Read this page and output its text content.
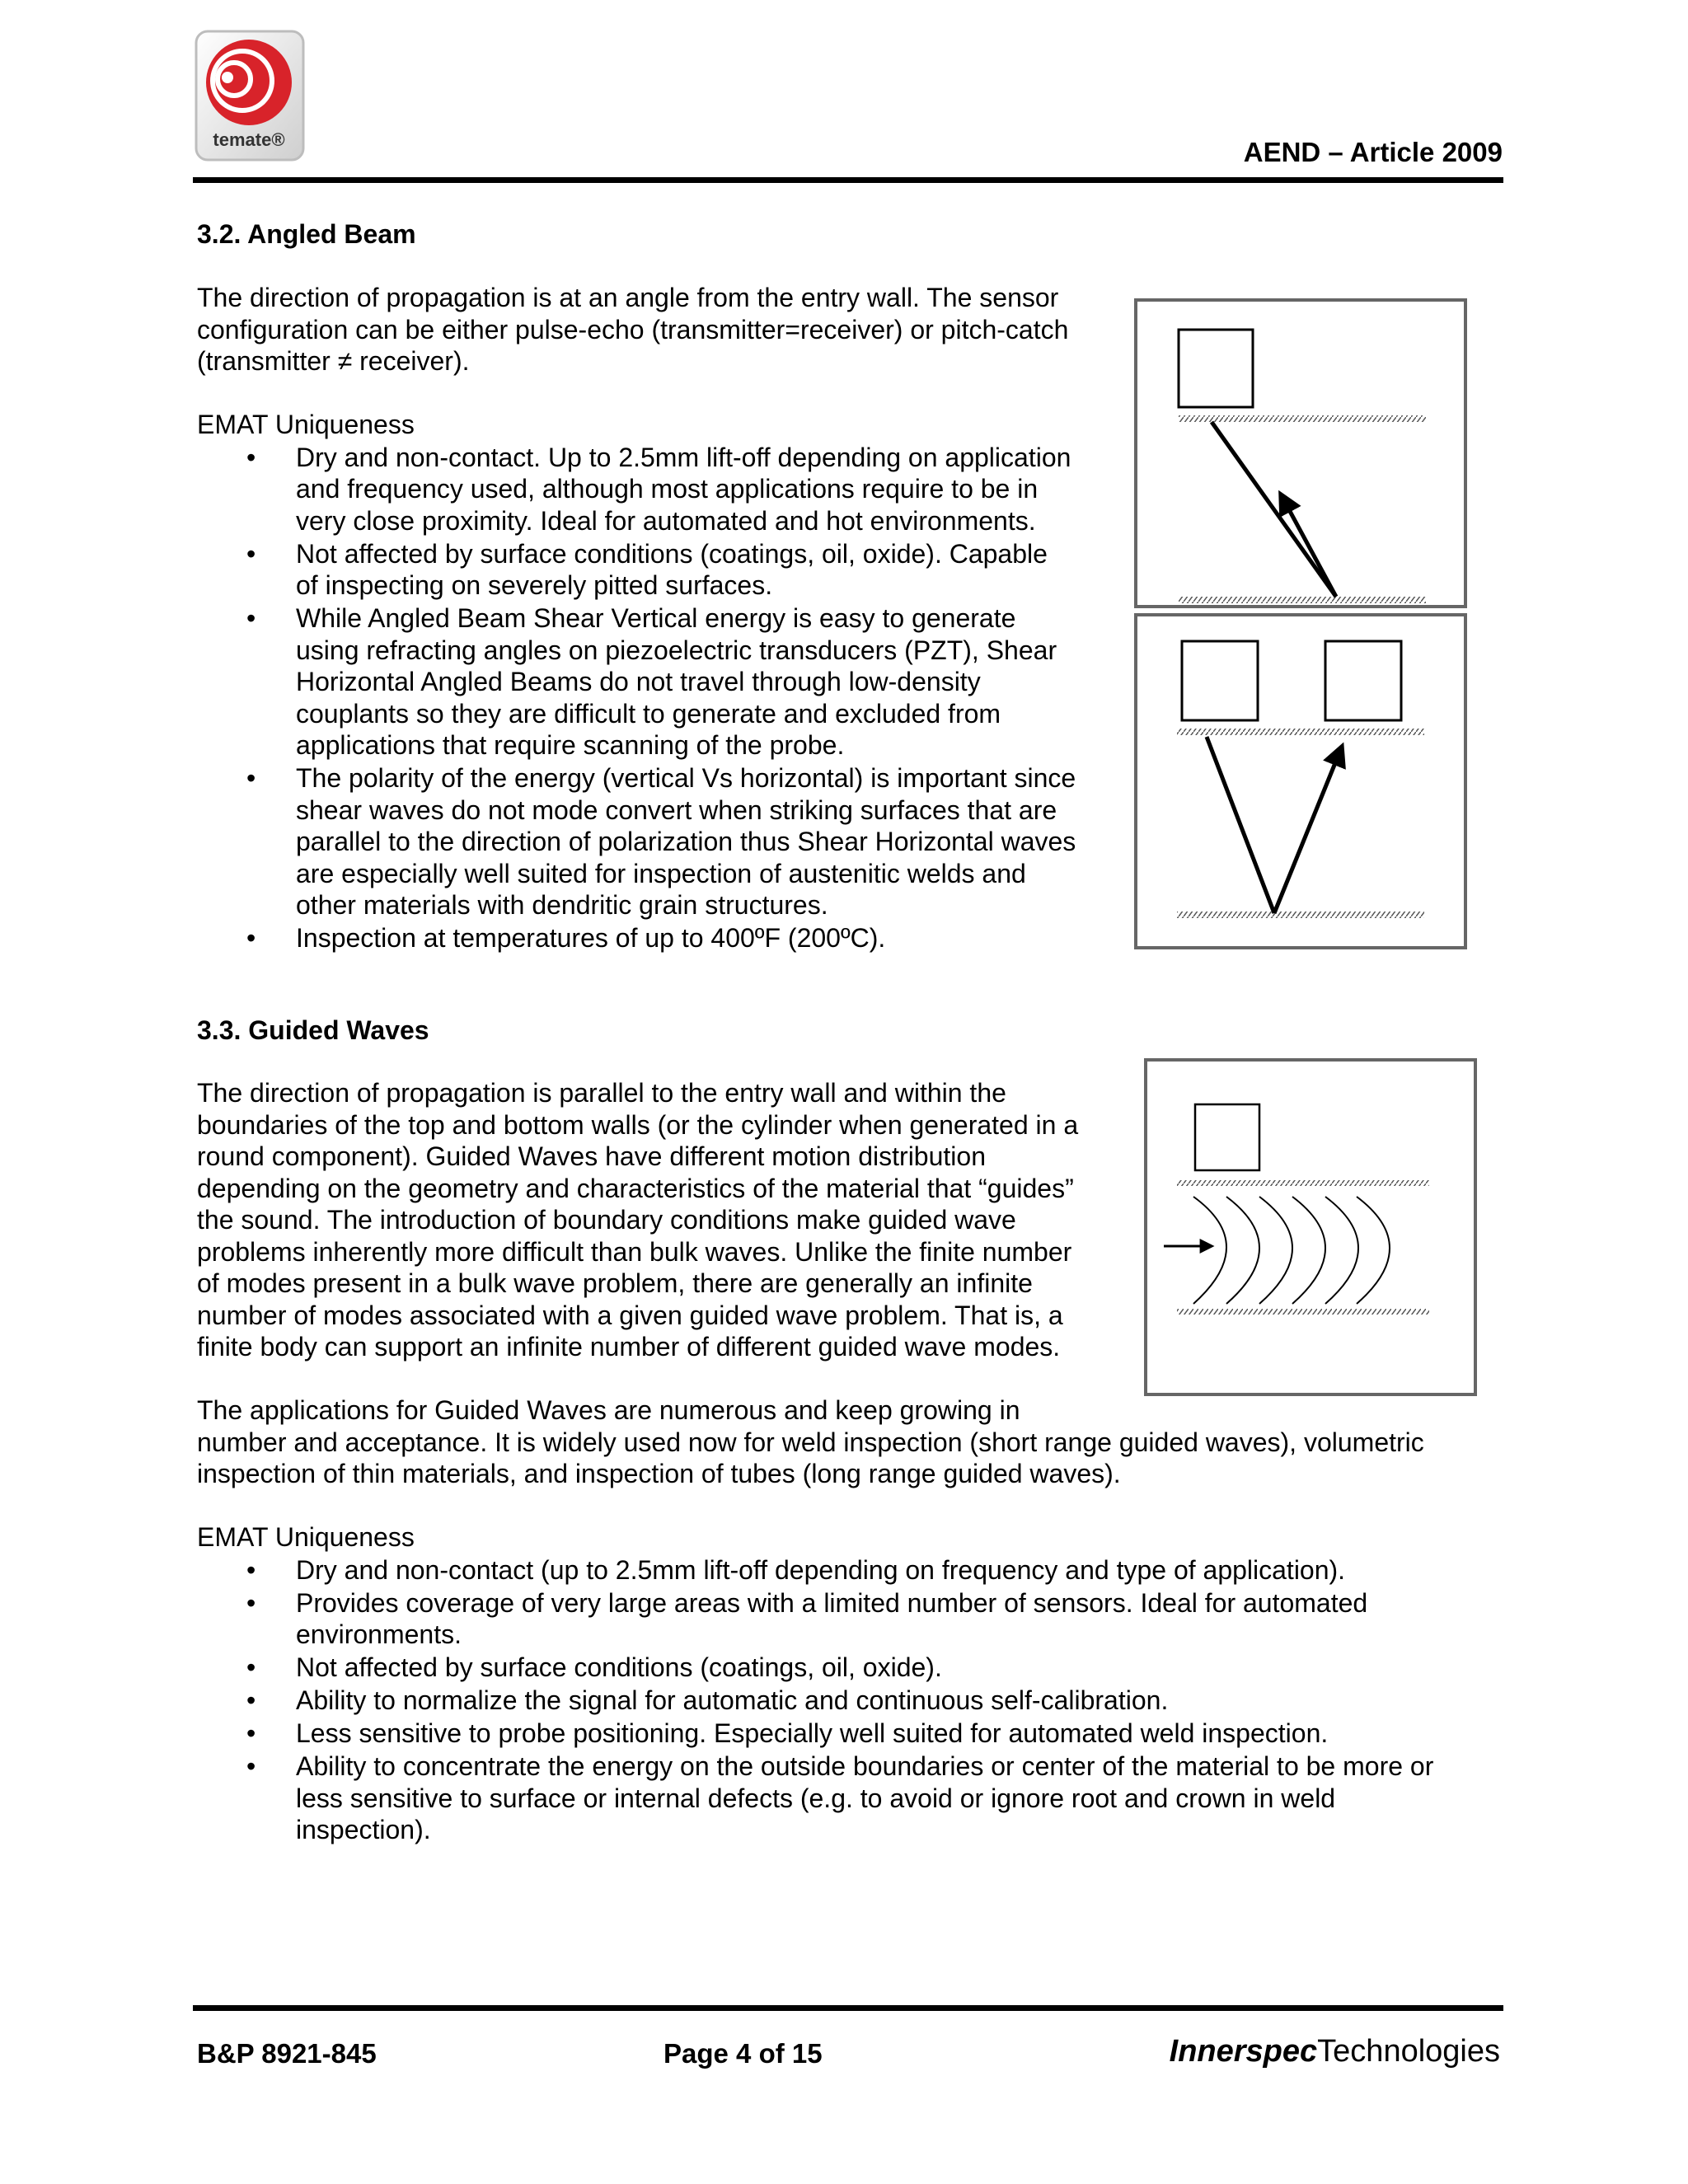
temate®	AEND – Article 2009
3.2. Angled Beam

The direction of propagation is at an angle from the entry wall. The sensor
configuration can be either pulse-echo (transmitter=receiver) or pitch-catch
(transmitter ≠ receiver).

EMAT Uniqueness

• Dry and non-contact. Up to 2.5mm lift-off depending on application
and frequency used, although most applications require to be in
very close proximity. Ideal for automated and hot environments.
• Not affected by surface conditions (coatings, oil, oxide). Capable
of inspecting on severely pitted surfaces.
• While Angled Beam Shear Vertical energy is easy to generate
using refracting angles on piezoelectric transducers (PZT), Shear
Horizontal Angled Beams do not travel through low-density
couplants so they are difficult to generate and excluded from
applications that require scanning of the probe.
• The polarity of the energy (vertical Vs horizontal) is important since
shear waves do not mode convert when striking surfaces that are
parallel to the direction of polarization thus Shear Horizontal waves
are especially well suited for inspection of austenitic welds and
other materials with dendritic grain structures.
• Inspection at temperatures of up to 400ºF (200ºC).
3.3. Guided Waves

The direction of propagation is parallel to the entry wall and within the
boundaries of the top and bottom walls (or the cylinder when generated in a
round component). Guided Waves have different motion distribution
depending on the geometry and characteristics of the material that “guides”
the sound. The introduction of boundary conditions make guided wave
problems inherently more difficult than bulk waves. Unlike the finite number
of modes present in a bulk wave problem, there are generally an infinite
number of modes associated with a given guided wave problem. That is, a
finite body can support an infinite number of different guided wave modes.

The applications for Guided Waves are numerous and keep growing in
number and acceptance. It is widely used now for weld inspection (short range guided waves), volumetric
inspection of thin materials, and inspection of tubes (long range guided waves).

EMAT Uniqueness

• Dry and non-contact (up to 2.5mm lift-off depending on frequency and type of application).
• Provides coverage of very large areas with a limited number of sensors. Ideal for automated
environments.
• Not affected by surface conditions (coatings, oil, oxide).
• Ability to normalize the signal for automatic and continuous self-calibration.
• Less sensitive to probe positioning. Especially well suited for automated weld inspection.
• Ability to concentrate the energy on the outside boundaries or center of the material to be more or
less sensitive to surface or internal defects (e.g. to avoid or ignore root and crown in weld
inspection).
B&P 8921-845	Page 4 of 15	InnerspecTechnologies
